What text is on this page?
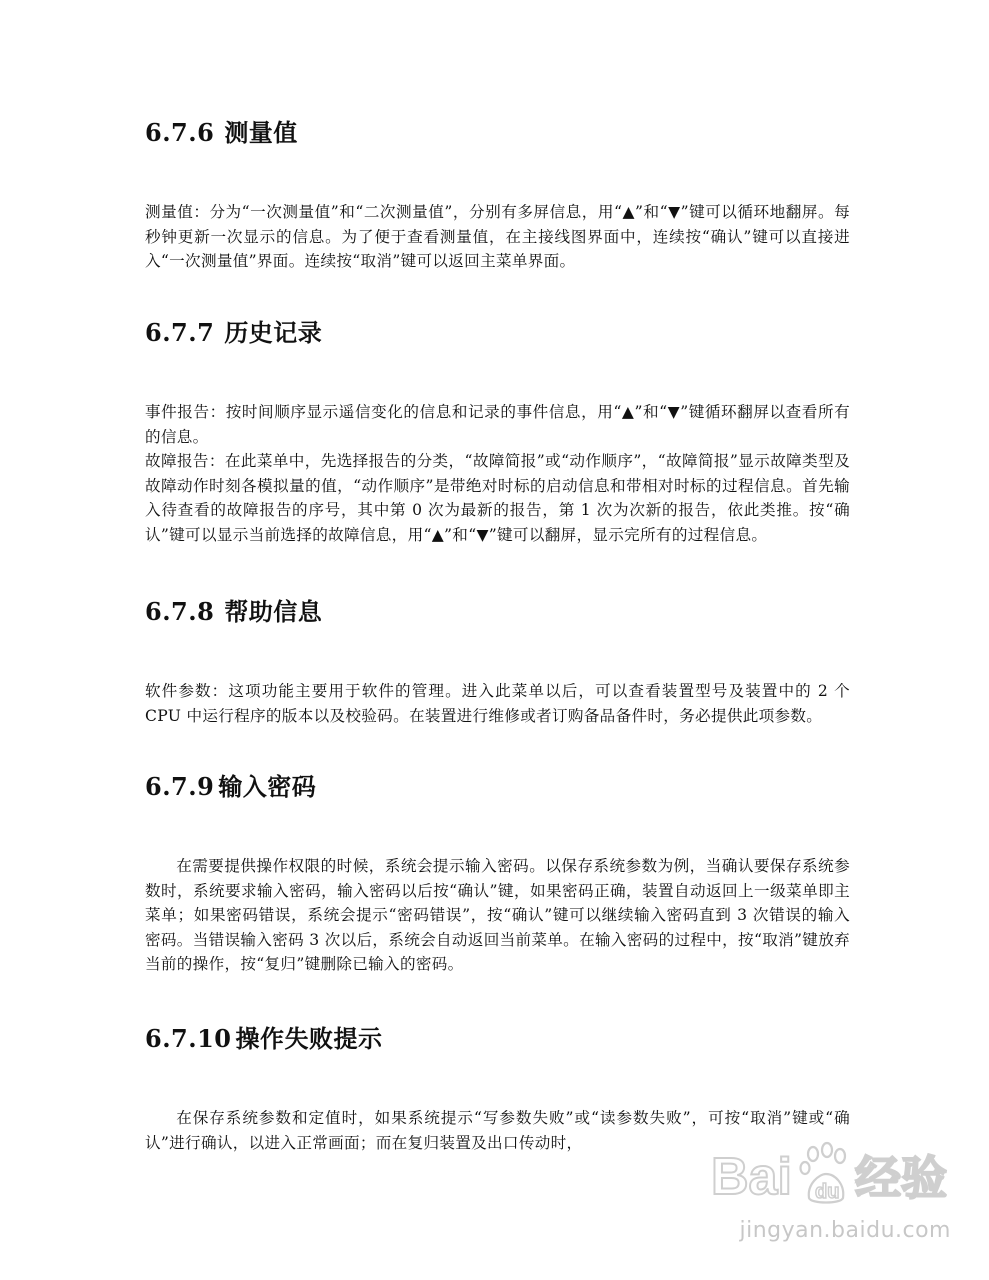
6.7.6 测量值

测量值：分为“一次测量值”和“二次测量值”，分别有多屏信息，用“▲”和“▼”键可以循环地翻屏。每秒钟更新一次显示的信息。为了便于查看测量值，在主接线图界面中，连续按“确认”键可以直接进入“一次测量值”界面。连续按“取消”键可以返回主菜单界面。

6.7.7 历史记录

事件报告：按时间顺序显示遥信变化的信息和记录的事件信息，用“▲”和“▼”键循环翻屏以查看所有的信息。

故障报告：在此菜单中，先选择报告的分类，“故障简报”或“动作顺序”，“故障简报”显示故障类型及故障动作时刻各模拟量的值，“动作顺序”是带绝对时标的启动信息和带相对时标的过程信息。首先输入待查看的故障报告的序号，其中第 0 次为最新的报告，第 1 次为次新的报告，依此类推。按“确认”键可以显示当前选择的故障信息，用“▲”和“▼”键可以翻屏，显示完所有的过程信息。

6.7.8 帮助信息

软件参数：这项功能主要用于软件的管理。进入此菜单以后，可以查看装置型号及装置中的 2 个 CPU 中运行程序的版本以及校验码。在装置进行维修或者订购备品备件时，务必提供此项参数。

6.7.9 输入密码

在需要提供操作权限的时候，系统会提示输入密码。以保存系统参数为例，当确认要保存系统参数时，系统要求输入密码，输入密码以后按“确认”键，如果密码正确，装置自动返回上一级菜单即主菜单；如果密码错误，系统会提示“密码错误”，按“确认”键可以继续输入密码直到 3 次错误的输入密码。当错误输入密码 3 次以后，系统会自动返回当前菜单。在输入密码的过程中，按“取消”键放弃当前的操作，按“复归”键删除已输入的密码。

6.7.10 操作失败提示

在保存系统参数和定值时，如果系统提示“写参数失败”或“读参数失败”，可按“取消”键或“确认”进行确认，以进入正常画面；而在复归装置及出口传动时，

Bai du 经验
jingyan.baidu.com
